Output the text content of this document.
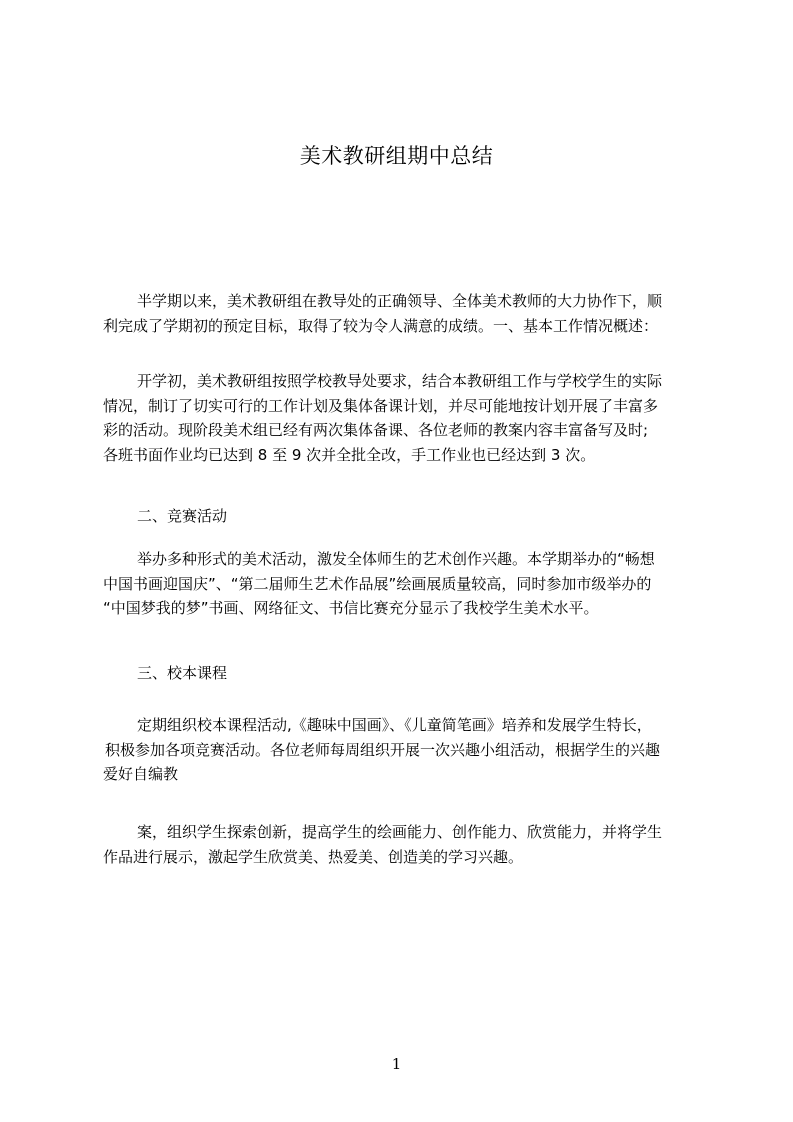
美术教研组期中总结

半学期以来，美术教研组在教导处的正确领导、全体美术教师的大力协作下，顺
利完成了学期初的预定目标，取得了较为令人满意的成绩。一、基本工作情况概述：

开学初，美术教研组按照学校教导处要求，结合本教研组工作与学校学生的实际
情况，制订了切实可行的工作计划及集体备课计划，并尽可能地按计划开展了丰富多
彩的活动。现阶段美术组已经有两次集体备课、各位老师的教案内容丰富备写及时;
各班书面作业均已达到 8 至 9 次并全批全改，手工作业也已经达到 3 次。

二、竞赛活动

举办多种形式的美术活动，激发全体师生的艺术创作兴趣。本学期举办的“畅想
中国书画迎国庆”、“第二届师生艺术作品展”绘画展质量较高，同时参加市级举办的
“中国梦我的梦”书画、网络征文、书信比赛充分显示了我校学生美术水平。

三、校本课程

定期组织校本课程活动,《趣味中国画》、《儿童简笔画》培养和发展学生特长，
积极参加各项竞赛活动。各位老师每周组织开展一次兴趣小组活动，根据学生的兴趣
爱好自编教

案，组织学生探索创新，提高学生的绘画能力、创作能力、欣赏能力，并将学生
作品进行展示，激起学生欣赏美、热爱美、创造美的学习兴趣。

1
